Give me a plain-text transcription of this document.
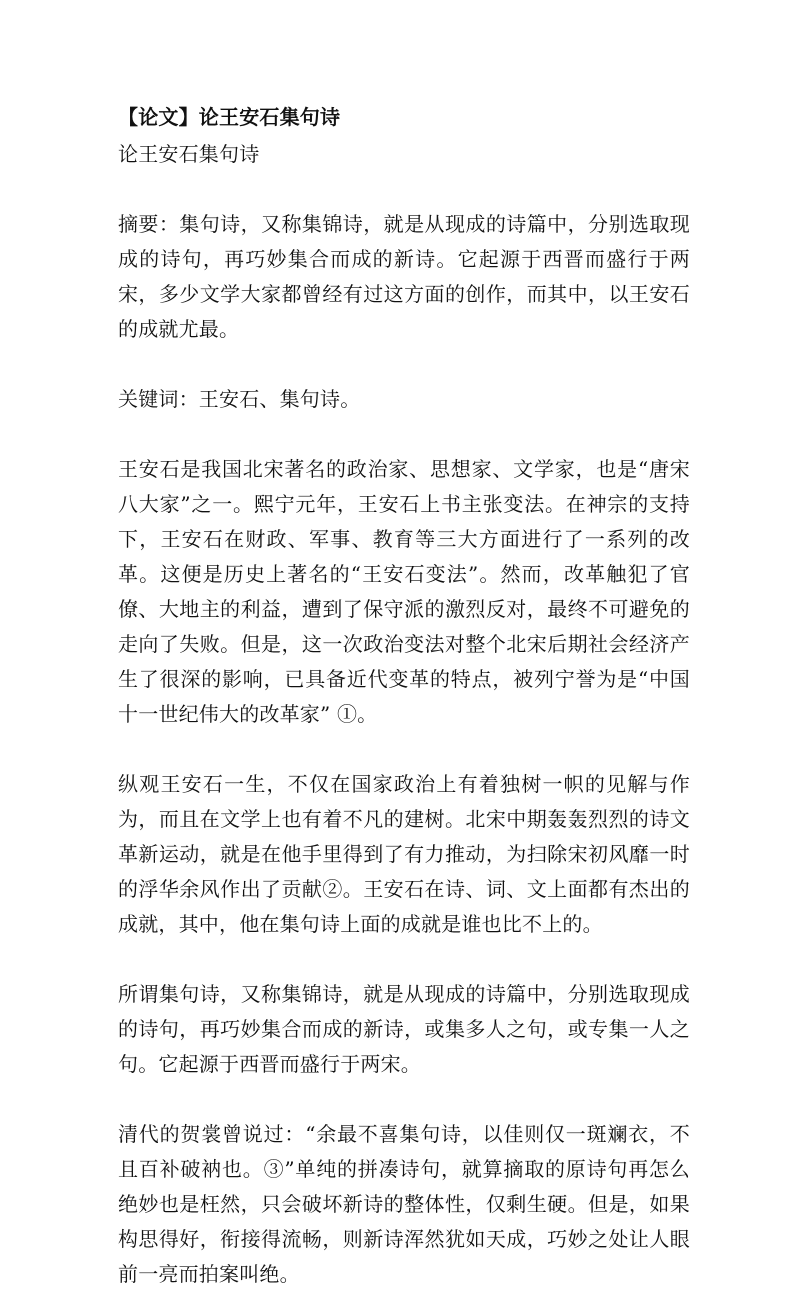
【论文】论王安石集句诗
论王安石集句诗
摘要：集句诗，又称集锦诗，就是从现成的诗篇中，分别选取现成的诗句，再巧妙集合而成的新诗。它起源于西晋而盛行于两宋，多少文学大家都曾经有过这方面的创作，而其中，以王安石的成就尤最。
关键词：王安石、集句诗。
王安石是我国北宋著名的政治家、思想家、文学家，也是“唐宋八大家”之一。熙宁元年，王安石上书主张变法。在神宗的支持下，王安石在财政、军事、教育等三大方面进行了一系列的改革。这便是历史上著名的“王安石变法”。然而，改革触犯了官僚、大地主的利益，遭到了保守派的激烈反对，最终不可避免的走向了失败。但是，这一次政治变法对整个北宋后期社会经济产生了很深的影响，已具备近代变革的特点，被列宁誉为是“中国十一世纪伟大的改革家” ①。
纵观王安石一生，不仅在国家政治上有着独树一帜的见解与作为，而且在文学上也有着不凡的建树。北宋中期轰轰烈烈的诗文革新运动，就是在他手里得到了有力推动，为扫除宋初风靡一时的浮华余风作出了贡献②。王安石在诗、词、文上面都有杰出的成就，其中，他在集句诗上面的成就是谁也比不上的。
所谓集句诗，又称集锦诗，就是从现成的诗篇中，分别选取现成的诗句，再巧妙集合而成的新诗，或集多人之句，或专集一人之句。它起源于西晋而盛行于两宋。
清代的贺裳曾说过：“余最不喜集句诗，以佳则仅一斑斓衣，不且百补破衲也。③”单纯的拼凑诗句，就算摘取的原诗句再怎么绝妙也是枉然，只会破坏新诗的整体性，仅剩生硬。但是，如果构思得好，衔接得流畅，则新诗浑然犹如天成，巧妙之处让人眼前一亮而拍案叫绝。
